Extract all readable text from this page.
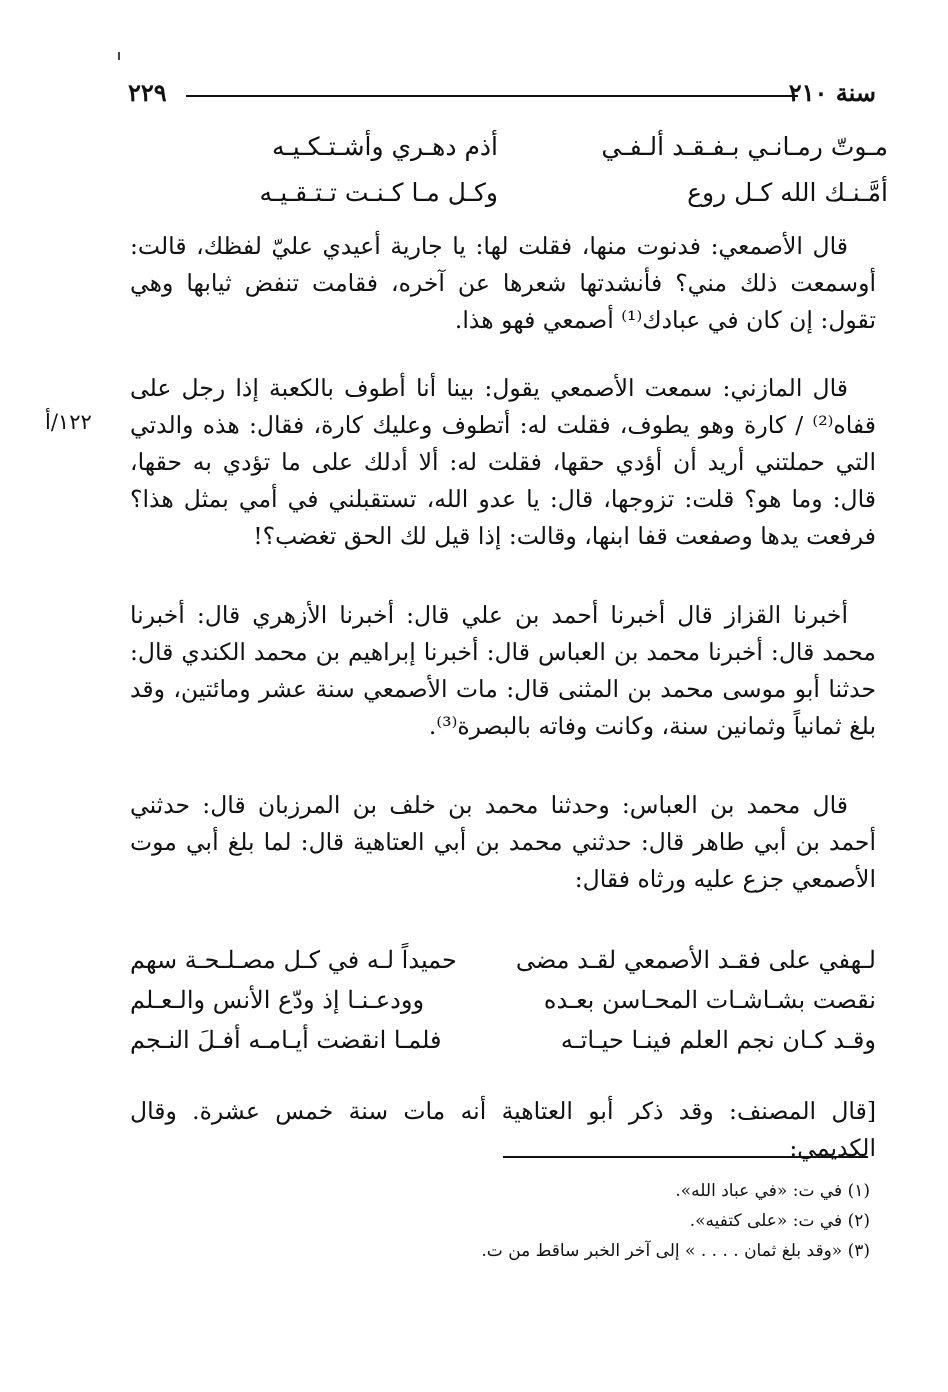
سنة ٢١٠
٢٢٩
مـوتّ رمـانـي بـفـقـد ألـفـي
أذم دهـري وأشـتـكـيـه
أمَّـنـك الله كـل روع
وكـل مـا كـنـت تـتـقـيـه
قال الأصمعي: فدنوت منها، فقلت لها: يا جارية أعيدي عليّ لفظك، قالت: أوسمعت ذلك مني؟ فأنشدتها شعرها عن آخره، فقامت تنفض ثيابها وهي تقول: إن كان في عبادك⁽¹⁾ أصمعي فهو هذا.
قال المازني: سمعت الأصمعي يقول: بينا أنا أطوف بالكعبة إذا رجل على قفاه⁽²⁾ / كارة وهو يطوف، فقلت له: أتطوف وعليك كارة، فقال: هذه والدتي التي حملتني أريد أن أؤدي حقها، فقلت له: ألا أدلك على ما تؤدي به حقها، قال: وما هو؟ قلت: تزوجها، قال: يا عدو الله، تستقبلني في أمي بمثل هذا؟ فرفعت يدها وصفعت قفا ابنها، وقالت: إذا قيل لك الحق تغضب؟!
١٢٢/أ
أخبرنا القزاز قال أخبرنا أحمد بن علي قال: أخبرنا الأزهري قال: أخبرنا محمد قال: أخبرنا محمد بن العباس قال: أخبرنا إبراهيم بن محمد الكندي قال: حدثنا أبو موسى محمد بن المثنى قال: مات الأصمعي سنة عشر ومائتين، وقد بلغ ثمانياً وثمانين سنة، وكانت وفاته بالبصرة⁽³⁾.
قال محمد بن العباس: وحدثنا محمد بن خلف بن المرزبان قال: حدثني أحمد بن أبي طاهر قال: حدثني محمد بن أبي العتاهية قال: لما بلغ أبي موت الأصمعي جزع عليه ورثاه فقال:
لـهفي على فقـد الأصمعي لقـد مضى
حميداً لـه في كـل مصـلـحـة سهم
نقصت بشـاشـات المحـاسن بعـده
وودعـنـا إذ ودّع الأنس والـعـلم
وقـد كـان نجم العلم فينـا حيـاتـه
فلمـا انقضت أيـامـه أفـلَ النـجم
[قال المصنف: وقد ذكر أبو العتاهية أنه مات سنة خمس عشرة. وقال الكديمي:
(١) في ت: «في عباد الله».
(٢) في ت: «على كتفيه».
(٣) «وقد بلغ ثمان . . . . » إلى آخر الخبر ساقط من ت.
